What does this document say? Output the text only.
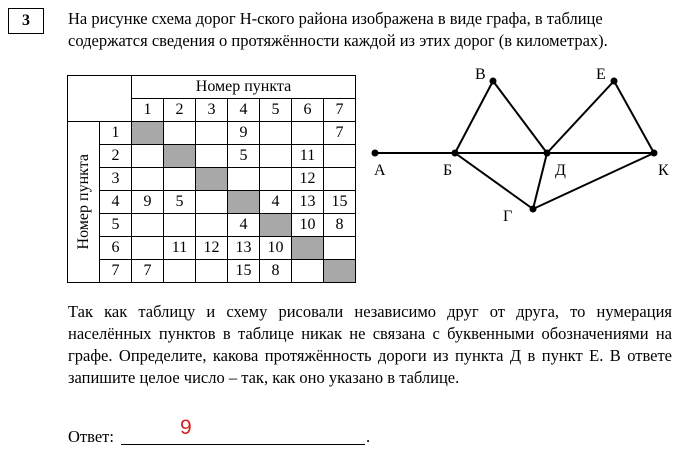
3	На рисунке схема дорог Н-ского района изображена в виде графа, в таблице содержатся сведения о протяжённости каждой из этих дорог (в километрах).

		Номер пункта						
		1	2	3	4	5	6	7

Номер пункта	1				9			7
	2				5		11	
	3						12	
	4	9	5			4	13	15
	5				4		10	8
	6		11	12	13	10		
	7	7			15	8		
А	Б
В
Г
Д
Е
К

Так как таблицу и схему рисовали независимо друг от друга, то нумерация населённых пунктов в таблице никак не связана с буквенными обозначениями на графе. Определите, какова протяжённость дороги из пункта Д в пункт Е. В ответе запишите целое число – так, как оно указано в таблице.

Ответ:	9	.
